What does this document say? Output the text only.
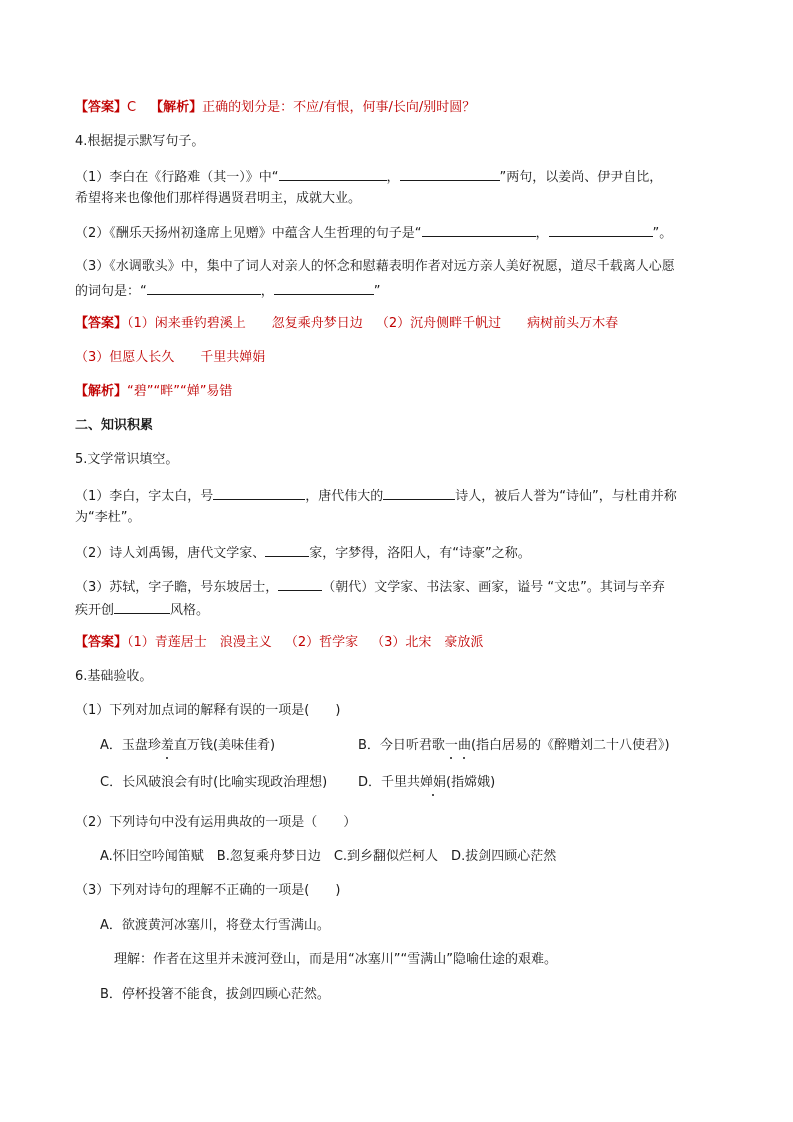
【答案】C 【解析】正确的划分是：不应/有恨，何事/长向/别时圆？
4.根据提示默写句子。
（1）李白在《行路难（其一）》中“	，	”两句，以姜尚、伊尹自比，
希望将来也像他们那样得遇贤君明主，成就大业。
（2）《酬乐天扬州初逢席上见赠》中蕴含人生哲理的句子是“	，	”。
（3）《水调歌头》中，集中了词人对亲人的怀念和慰藉表明作者对远方亲人美好祝愿，道尽千载离人心愿
的词句是：“	，	”
【答案】（1）闲来垂钓碧溪上 忽复乘舟梦日边 （2）沉舟侧畔千帆过 病树前头万木春
（3）但愿人长久 千里共婵娟
【解析】“碧”“畔”“婵”易错
二、知识积累
5.文学常识填空。
（1）李白，字太白，号	，唐代伟大的	诗人，被后人誉为“诗仙”，与杜甫并称
为“李杜”。
（2）诗人刘禹锡，唐代文学家、	家，字梦得，洛阳人，有“诗豪”之称。
（3）苏轼，字子瞻，号东坡居士，	（朝代）文学家、书法家、画家，谥号 “文忠”。其词与辛弃
疾开创	风格。
【答案】（1）青莲居士 浪漫主义 （2）哲学家 （3）北宋 豪放派
6.基础验收。
（1）下列对加点词的解释有误的一项是(　　)
A．玉盘珍羞直万钱(美味佳肴)	B．今日听君歌一曲(指白居易的《醉赠刘二十八使君》)
C．长风破浪会有时(比喻实现政治理想) D．千里共婵娟(指嫦娥)
（2）下列诗句中没有运用典故的一项是（　　）
A.怀旧空吟闻笛赋　B.忽复乘舟梦日边　C.到乡翻似烂柯人　D.拔剑四顾心茫然
（3）下列对诗句的理解不正确的一项是(　　)
A．欲渡黄河冰塞川，将登太行雪满山。
理解：作者在这里并未渡河登山，而是用“冰塞川”“雪满山”隐喻仕途的艰难。
B．停杯投箸不能食，拔剑四顾心茫然。
